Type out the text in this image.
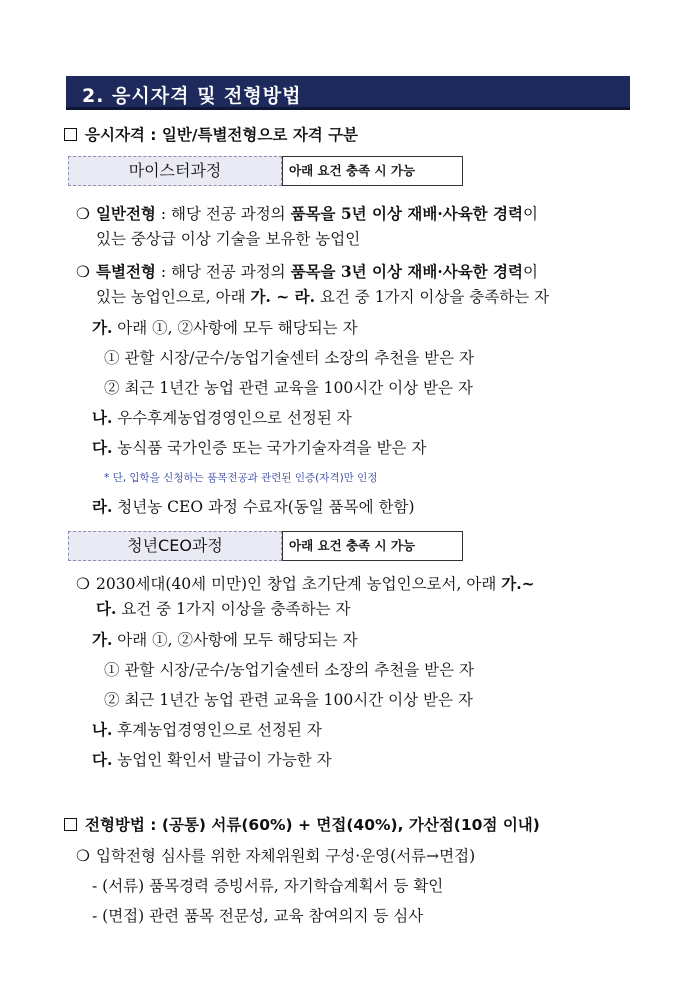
2. 응시자격 및 전형방법
응시자격 : 일반/특별전형으로 자격 구분
마이스터과정	아래 요건 충족 시 가능
❍ 일반전형 : 해당 전공 과정의 품목을 5년 이상 재배·사육한 경력이
있는 중상급 이상 기술을 보유한 농업인
❍ 특별전형 : 해당 전공 과정의 품목을 3년 이상 재배·사육한 경력이
있는 농업인으로, 아래 가. ~ 라. 요건 중 1가지 이상을 충족하는 자
가. 아래 ①, ②사항에 모두 해당되는 자
① 관할 시장/군수/농업기술센터 소장의 추천을 받은 자
② 최근 1년간 농업 관련 교육을 100시간 이상 받은 자
나. 우수후계농업경영인으로 선정된 자
다. 농식품 국가인증 또는 국가기술자격을 받은 자
* 단, 입학을 신청하는 품목전공과 관련된 인증(자격)만 인정
라. 청년농 CEO 과정 수료자(동일 품목에 한함)
청년CEO과정	아래 요건 충족 시 가능
❍ 2030세대(40세 미만)인 창업 초기단계 농업인으로서, 아래 가.~
다. 요건 중 1가지 이상을 충족하는 자
가. 아래 ①, ②사항에 모두 해당되는 자
① 관할 시장/군수/농업기술센터 소장의 추천을 받은 자
② 최근 1년간 농업 관련 교육을 100시간 이상 받은 자
나. 후계농업경영인으로 선정된 자
다. 농업인 확인서 발급이 가능한 자
전형방법 : (공통) 서류(60%) + 면접(40%), 가산점(10점 이내)
❍ 입학전형 심사를 위한 자체위원회 구성·운영(서류→면접)
- (서류) 품목경력 증빙서류, 자기학습계획서 등 확인
- (면접) 관련 품목 전문성, 교육 참여의지 등 심사
